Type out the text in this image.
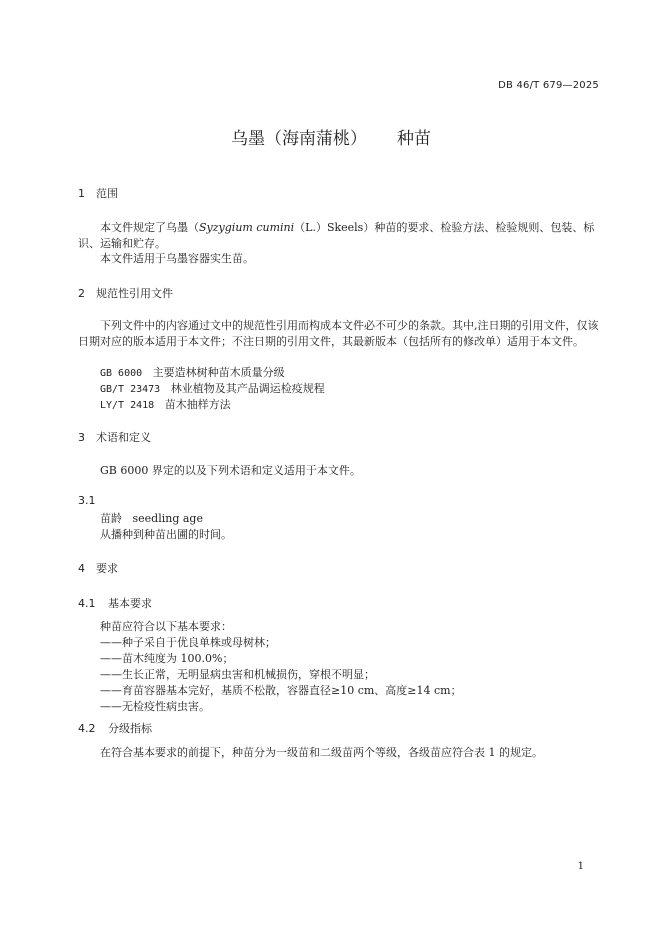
DB 46/T 679—2025
乌墨（海南蒲桃） 种苗
1 范围
本文件规定了乌墨（Syzygium cumini（L.）Skeels）种苗的要求、检验方法、检验规则、包装、标识、运输和贮存。
本文件适用于乌墨容器实生苗。
2 规范性引用文件
下列文件中的内容通过文中的规范性引用而构成本文件必不可少的条款。其中,注日期的引用文件，仅该日期对应的版本适用于本文件；不注日期的引用文件，其最新版本（包括所有的修改单）适用于本文件。
GB 6000 主要造林树种苗木质量分级
GB/T 23473 林业植物及其产品调运检疫规程
LY/T 2418 苗木抽样方法
3 术语和定义
GB 6000 界定的以及下列术语和定义适用于本文件。
3.1
苗龄 seedling age
从播种到种苗出圃的时间。
4 要求
4.1 基本要求
种苗应符合以下基本要求：
——种子采自于优良单株或母树林；
——苗木纯度为 100.0%；
——生长正常，无明显病虫害和机械损伤，穿根不明显；
——育苗容器基本完好，基质不松散，容器直径≥10 cm、高度≥14 cm；
——无检疫性病虫害。
4.2 分级指标
在符合基本要求的前提下，种苗分为一级苗和二级苗两个等级，各级苗应符合表 1 的规定。
1
